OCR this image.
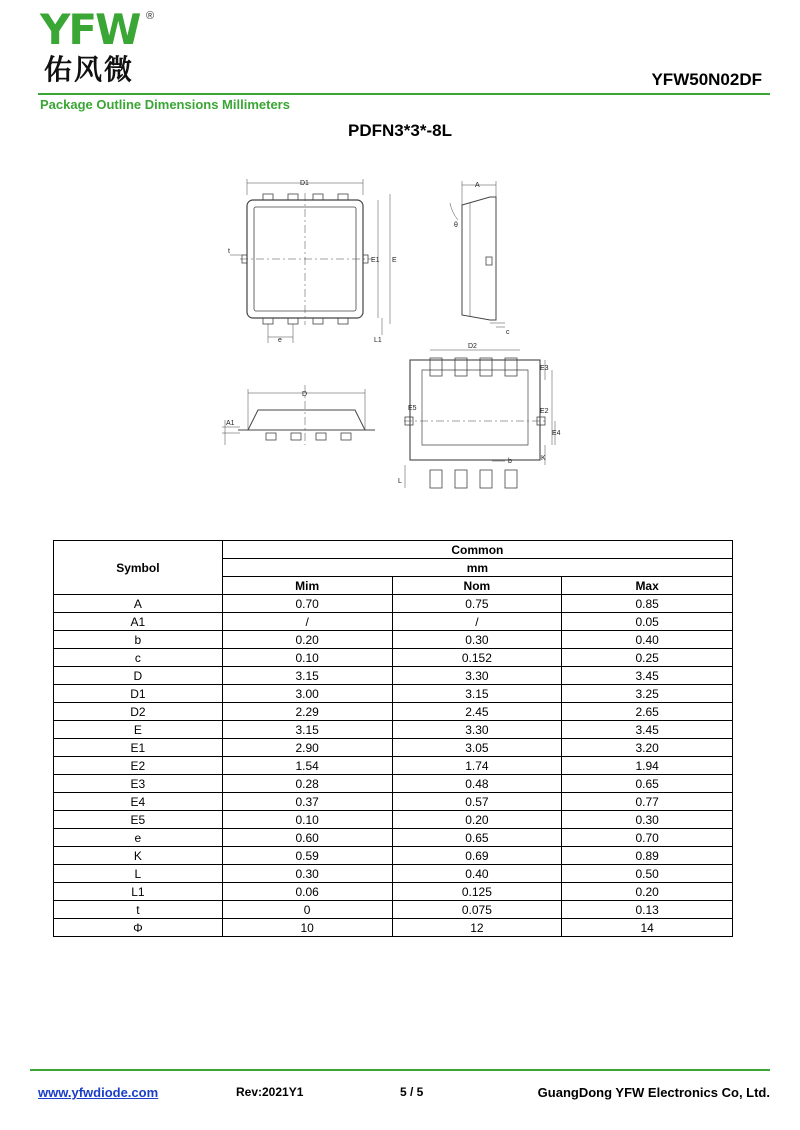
YFW ®
佑风微	YFW50N02DF
Package Outline Dimensions Millimeters
PDFN3*3*-8L
D1
E1 E
t
e	L1
A
θ
c
D2
E3
E2
E5
E4
b	K
L
D
A1
Symbol	Common		
	mm		
	Mim	Nom	Max
A	0.70	0.75	0.85
A1	/	/	0.05
b	0.20	0.30	0.40
c	0.10	0.152	0.25
D	3.15	3.30	3.45
D1	3.00	3.15	3.25
D2	2.29	2.45	2.65
E	3.15	3.30	3.45
E1	2.90	3.05	3.20
E2	1.54	1.74	1.94
E3	0.28	0.48	0.65
E4	0.37	0.57	0.77
E5	0.10	0.20	0.30
e	0.60	0.65	0.70
K	0.59	0.69	0.89
L	0.30	0.40	0.50
L1	0.06	0.125	0.20
t	0	0.075	0.13
Φ	10	12	14
www.yfwdiode.com	Rev:2021Y1	5 / 5	GuangDong YFW Electronics Co, Ltd.
